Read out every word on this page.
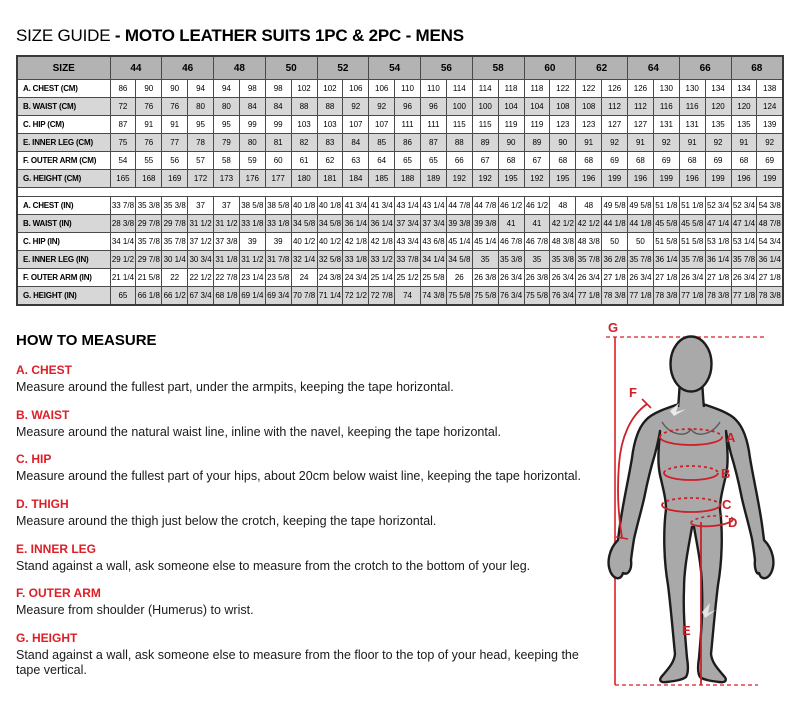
SIZE GUIDE - MOTO LEATHER SUITS 1PC & 2PC - MENS
SIZE	44		46		48		50		52		54		56		58		60		62		64		66		68	
A. CHEST (CM)	86	90	90	94	94	98	98	102	102	106	106	110	110	114	114	118	118	122	122	126	126	130	130	134	134	138
B. WAIST (CM)	72	76	76	80	80	84	84	88	88	92	92	96	96	100	100	104	104	108	108	112	112	116	116	120	120	124
C. HIP (CM)	87	91	91	95	95	99	99	103	103	107	107	111	111	115	115	119	119	123	123	127	127	131	131	135	135	139
E. INNER LEG (CM)	75	76	77	78	79	80	81	82	83	84	85	86	87	88	89	90	89	90	91	92	91	92	91	92	91	92
F. OUTER ARM (CM)	54	55	56	57	58	59	60	61	62	63	64	65	65	66	67	68	67	68	68	69	68	69	68	69	68	69
G. HEIGHT (CM)	165	168	169	172	173	176	177	180	181	184	185	188	189	192	192	195	192	195	196	199	196	199	196	199	196	199

A. CHEST (IN)	33 7/8	35 3/8	35 3/8	37	37	38 5/8	38 5/8	40 1/8	40 1/8	41 3/4	41 3/4	43 1/4	43 1/4	44 7/8	44 7/8	46 1/2	46 1/2	48	48	49 5/8	49 5/8	51 1/8	51 1/8	52 3/4	52 3/4	54 3/8
B. WAIST (IN)	28 3/8	29 7/8	29 7/8	31 1/2	31 1/2	33 1/8	33 1/8	34 5/8	34 5/8	36 1/4	36 1/4	37 3/4	37 3/4	39 3/8	39 3/8	41	41	42 1/2	42 1/2	44 1/8	44 1/8	45 5/8	45 5/8	47 1/4	47 1/4	48 7/8
C. HIP (IN)	34 1/4	35 7/8	35 7/8	37 1/2	37 3/8	39	39	40 1/2	40 1/2	42 1/8	42 1/8	43 3/4	43 6/8	45 1/4	45 1/4	46 7/8	46 7/8	48 3/8	48 3/8	50	50	51 5/8	51 5/8	53 1/8	53 1/4	54 3/4
E. INNER LEG (IN)	29 1/2	29 7/8	30 1/4	30 3/4	31 1/8	31 1/2	31 7/8	32 1/4	32 5/8	33 1/8	33 1/2	33 7/8	34 1/4	34 5/8	35	35 3/8	35	35 3/8	35 7/8	36 2/8	35 7/8	36 1/4	35 7/8	36 1/4	35 7/8	36 1/4
F. OUTER ARM (IN)	21 1/4	21 5/8	22	22 1/2	22 7/8	23 1/4	23 5/8	24	24 3/8	24 3/4	25 1/4	25 1/2	25 5/8	26	26 3/8	26 3/4	26 3/8	26 3/4	26 3/4	27 1/8	26 3/4	27 1/8	26 3/4	27 1/8	26 3/4	27 1/8
G. HEIGHT (IN)	65	66 1/8	66 1/2	67 3/4	68 1/8	69 1/4	69 3/4	70 7/8	71 1/4	72 1/2	72 7/8	74	74 3/8	75 5/8	75 5/8	76 3/4	75 5/8	76 3/4	77 1/8	78 3/8	77 1/8	78 3/8	77 1/8	78 3/8	77 1/8	78 3/8
HOW TO MEASURE
A. CHEST
Measure around the fullest part, under the armpits, keeping the tape horizontal.
B. WAIST
Measure around the natural waist line, inline with the navel, keeping the tape horizontal.
C. HIP
Measure around the fullest part of your hips, about 20cm below waist line, keeping the tape horizontal.
D. THIGH
Measure around the thigh just below the crotch, keeping the tape horizontal.
E. INNER LEG
Stand against a wall, ask someone else to measure from the crotch to the bottom of your leg.
F. OUTER ARM
Measure from shoulder (Humerus) to wrist.
G. HEIGHT
Stand against a wall, ask someone else to measure from the floor to the top of your head, keeping the tape vertical.
G
F
A
B
C
D
E
